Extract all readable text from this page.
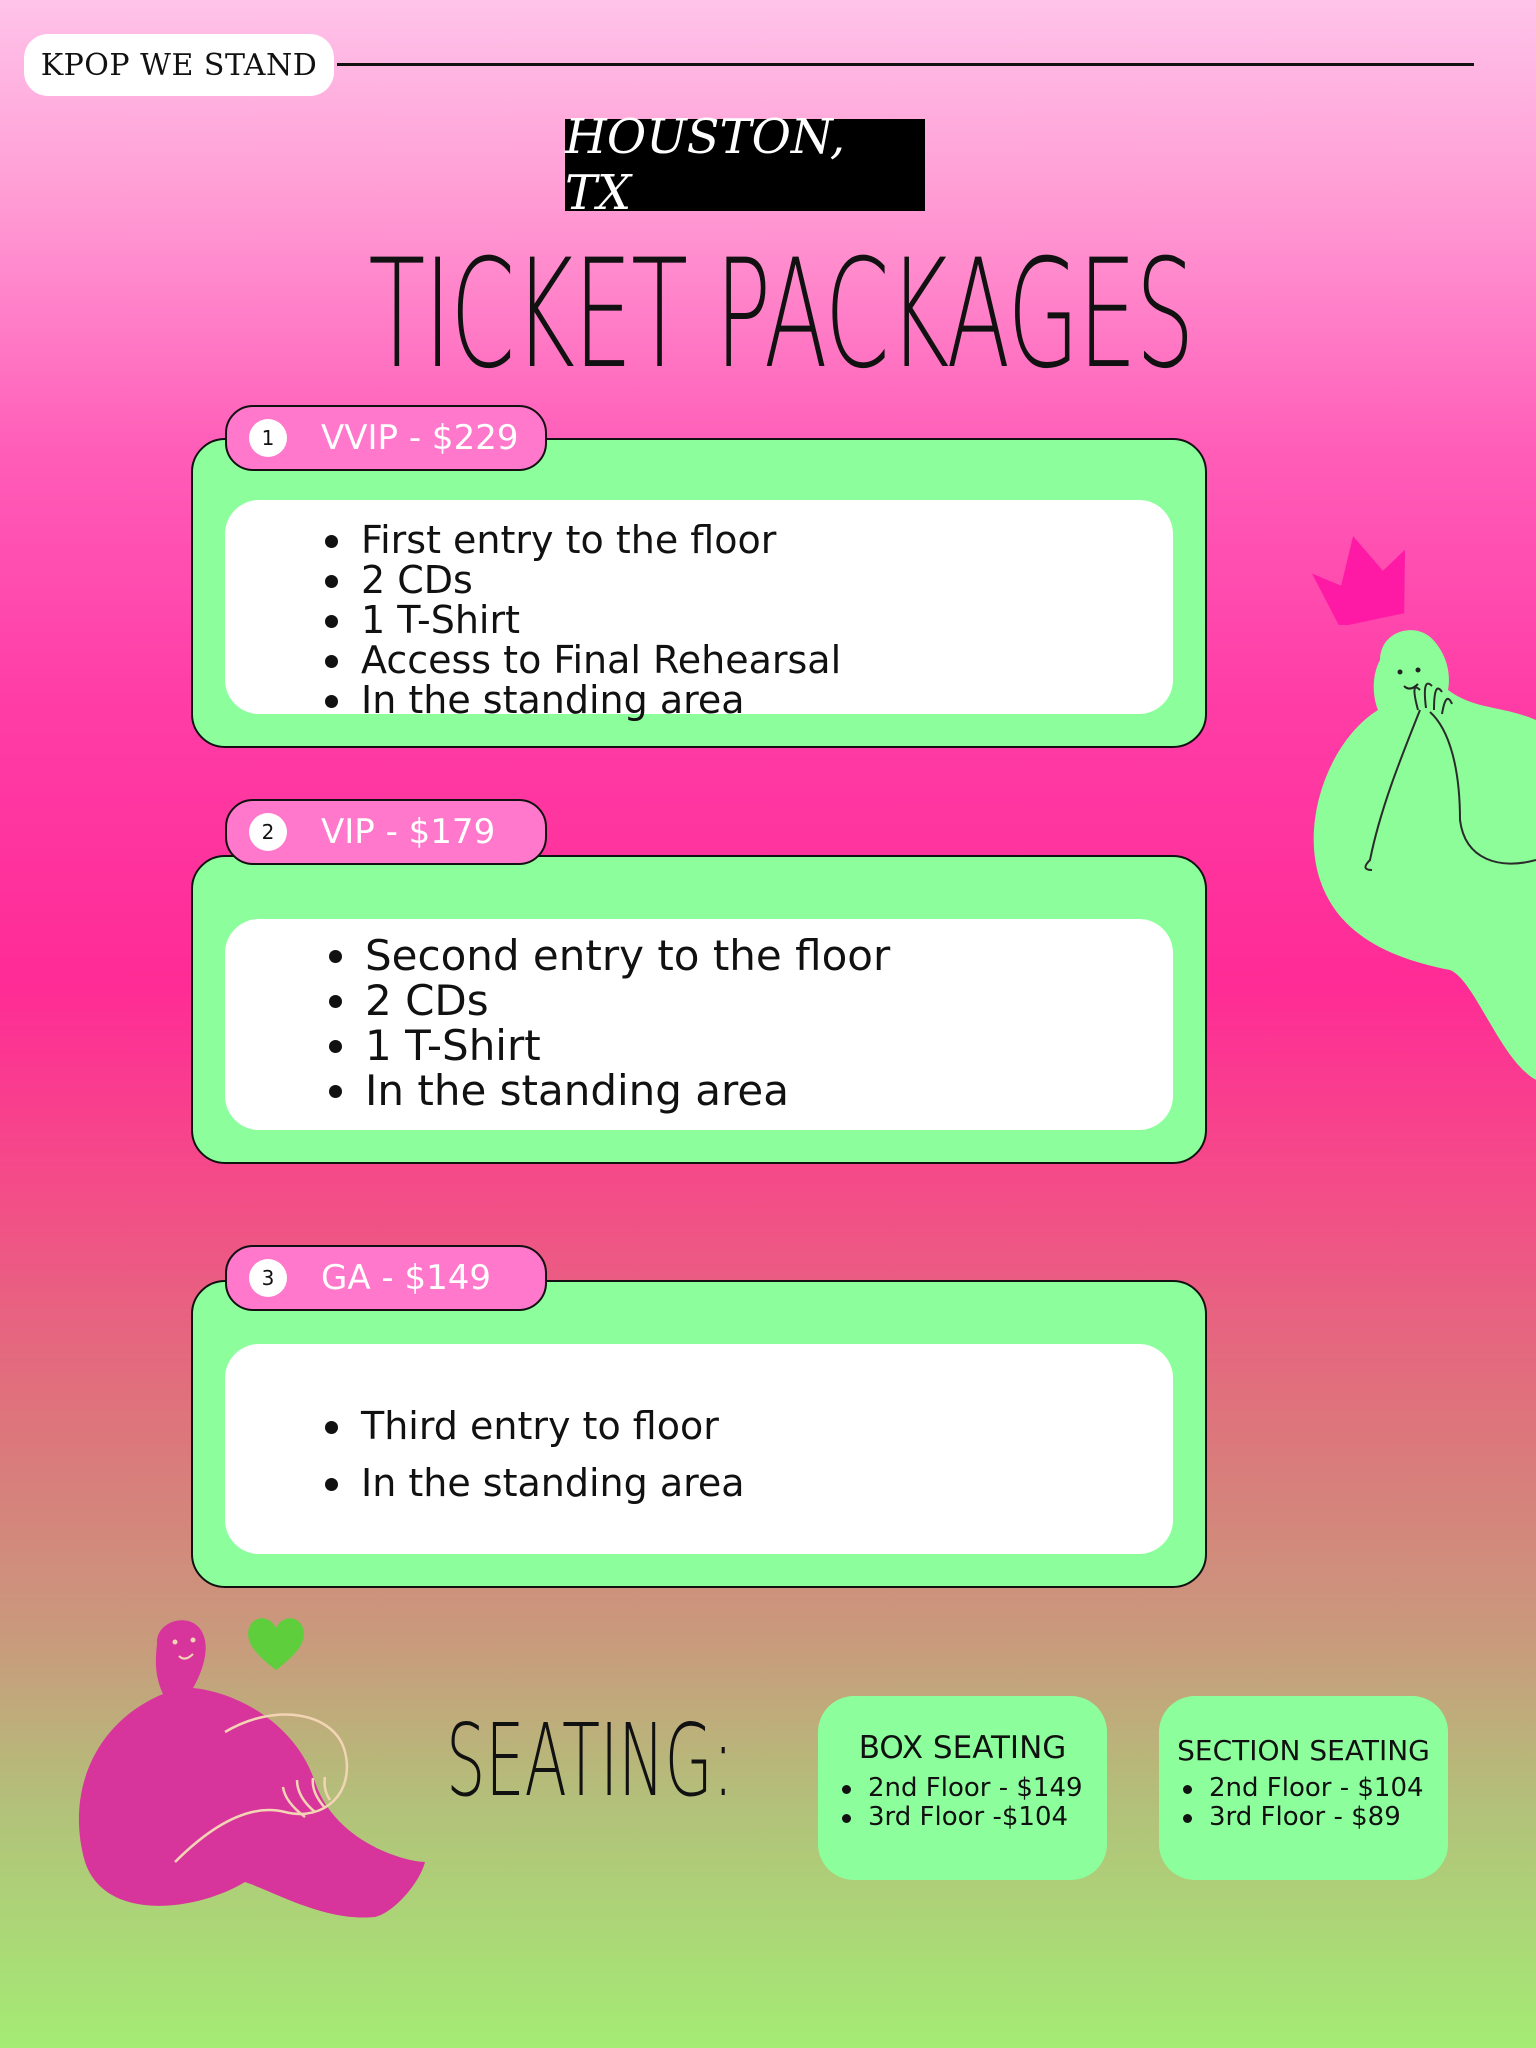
KPOP WE STAND
HOUSTON, TX
TICKET PACKAGES
First entry to the floor
2 CDs
1 T-Shirt
Access to Final Rehearsal
In the standing area
1	VVIP - $229
Second entry to the floor
2 CDs
1 T-Shirt
In the standing area
2	VIP - $179
Third entry to floor
In the standing area
3	GA - $149
SEATING:	BOX SEATING
2nd Floor - $149
3rd Floor -$104
SECTION SEATING
2nd Floor - $104
3rd Floor - $89
